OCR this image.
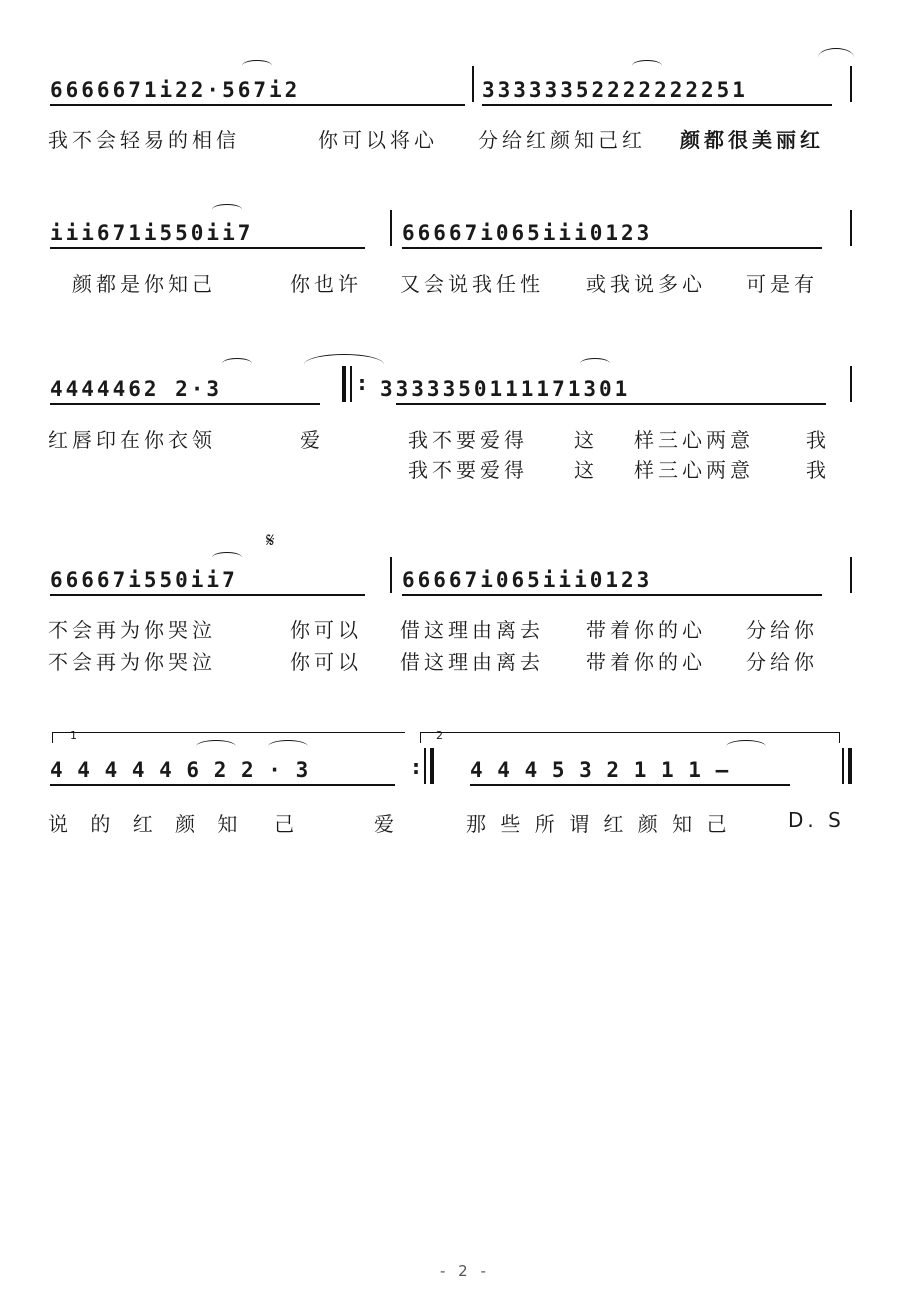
6666671i22·567i2	33333352222222251
我不会轻易的相信	你可以将心 分给红颜知己红 颜都很美丽红
iii671i550ii7	66667i065iii0123
颜都是你知己	你也许 又会说我任性 或我说多心 可是有
4444462 2·3	: 3333350111171301
红唇印在你衣领	爱	我不要爱得 这 样三心两意	我
我不要爱得 这 样三心两意	我
𝄋
66667i550ii7	66667i065iii0123
不会再为你哭泣	你可以 借这理由离去 带着你的心 分给你
不会再为你哭泣	你可以 借这理由离去 带着你的心 分给你
1	2
4 4 4 4 4 6 2 2 · 3	: 4 4 4 5 3 2 1 1 1 –
说 的 红 颜 知  己	爱	那 些 所 谓 红 颜 知 己	D. S
- 2 -
